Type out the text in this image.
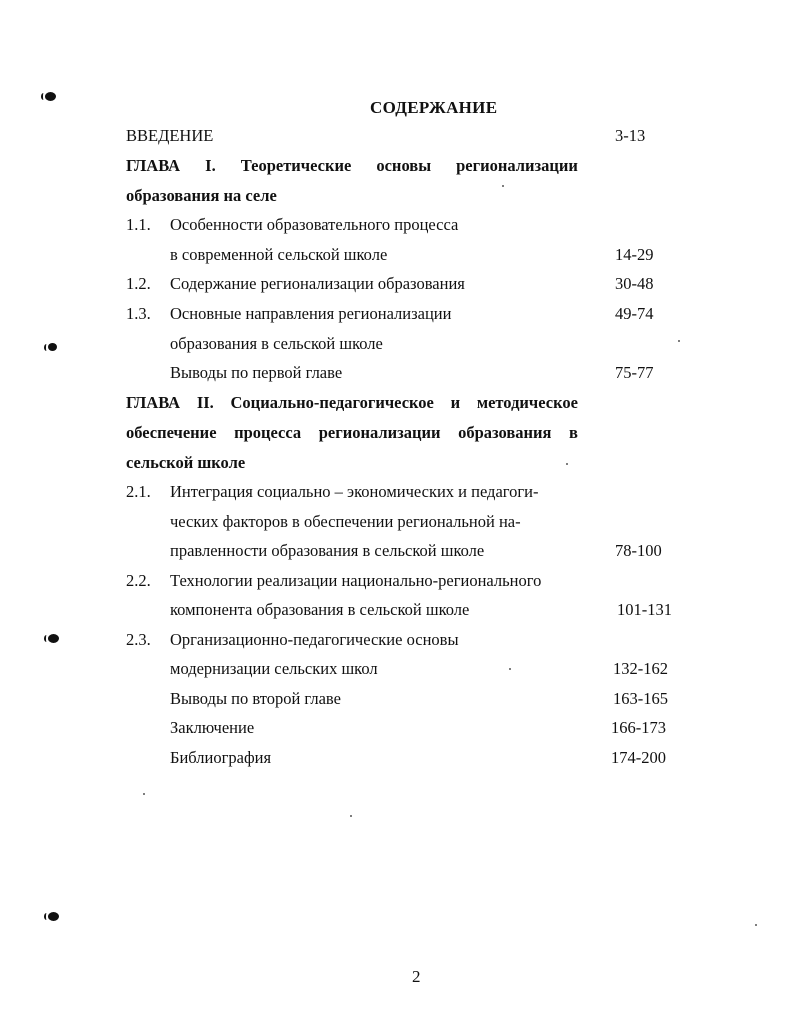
СОДЕРЖАНИЕ
ВВЕДЕНИЕ	3-13
ГЛАВА I. Теоретические основы регионализации
образования на селе
1.1. Особенности образовательного процесса
в современной сельской школе	14-29
1.2. Содержание регионализации образования	30-48
1.3. Основные направления регионализации	49-74
образования в сельской школе
Выводы по первой главе	75-77
ГЛАВА II. Социально-педагогическое и методическое
обеспечение процесса регионализации образования в
сельской школе
2.1. Интеграция социально – экономических и педагоги-
ческих факторов в обеспечении региональной на-
правленности образования в сельской школе	78-100
2.2. Технологии реализации национально-регионального
компонента образования в сельской школе	101-131
2.3. Организационно-педагогические основы
модернизации сельских школ	132-162
Выводы по второй главе	163-165
Заключение	166-173
Библиография	174-200
2
